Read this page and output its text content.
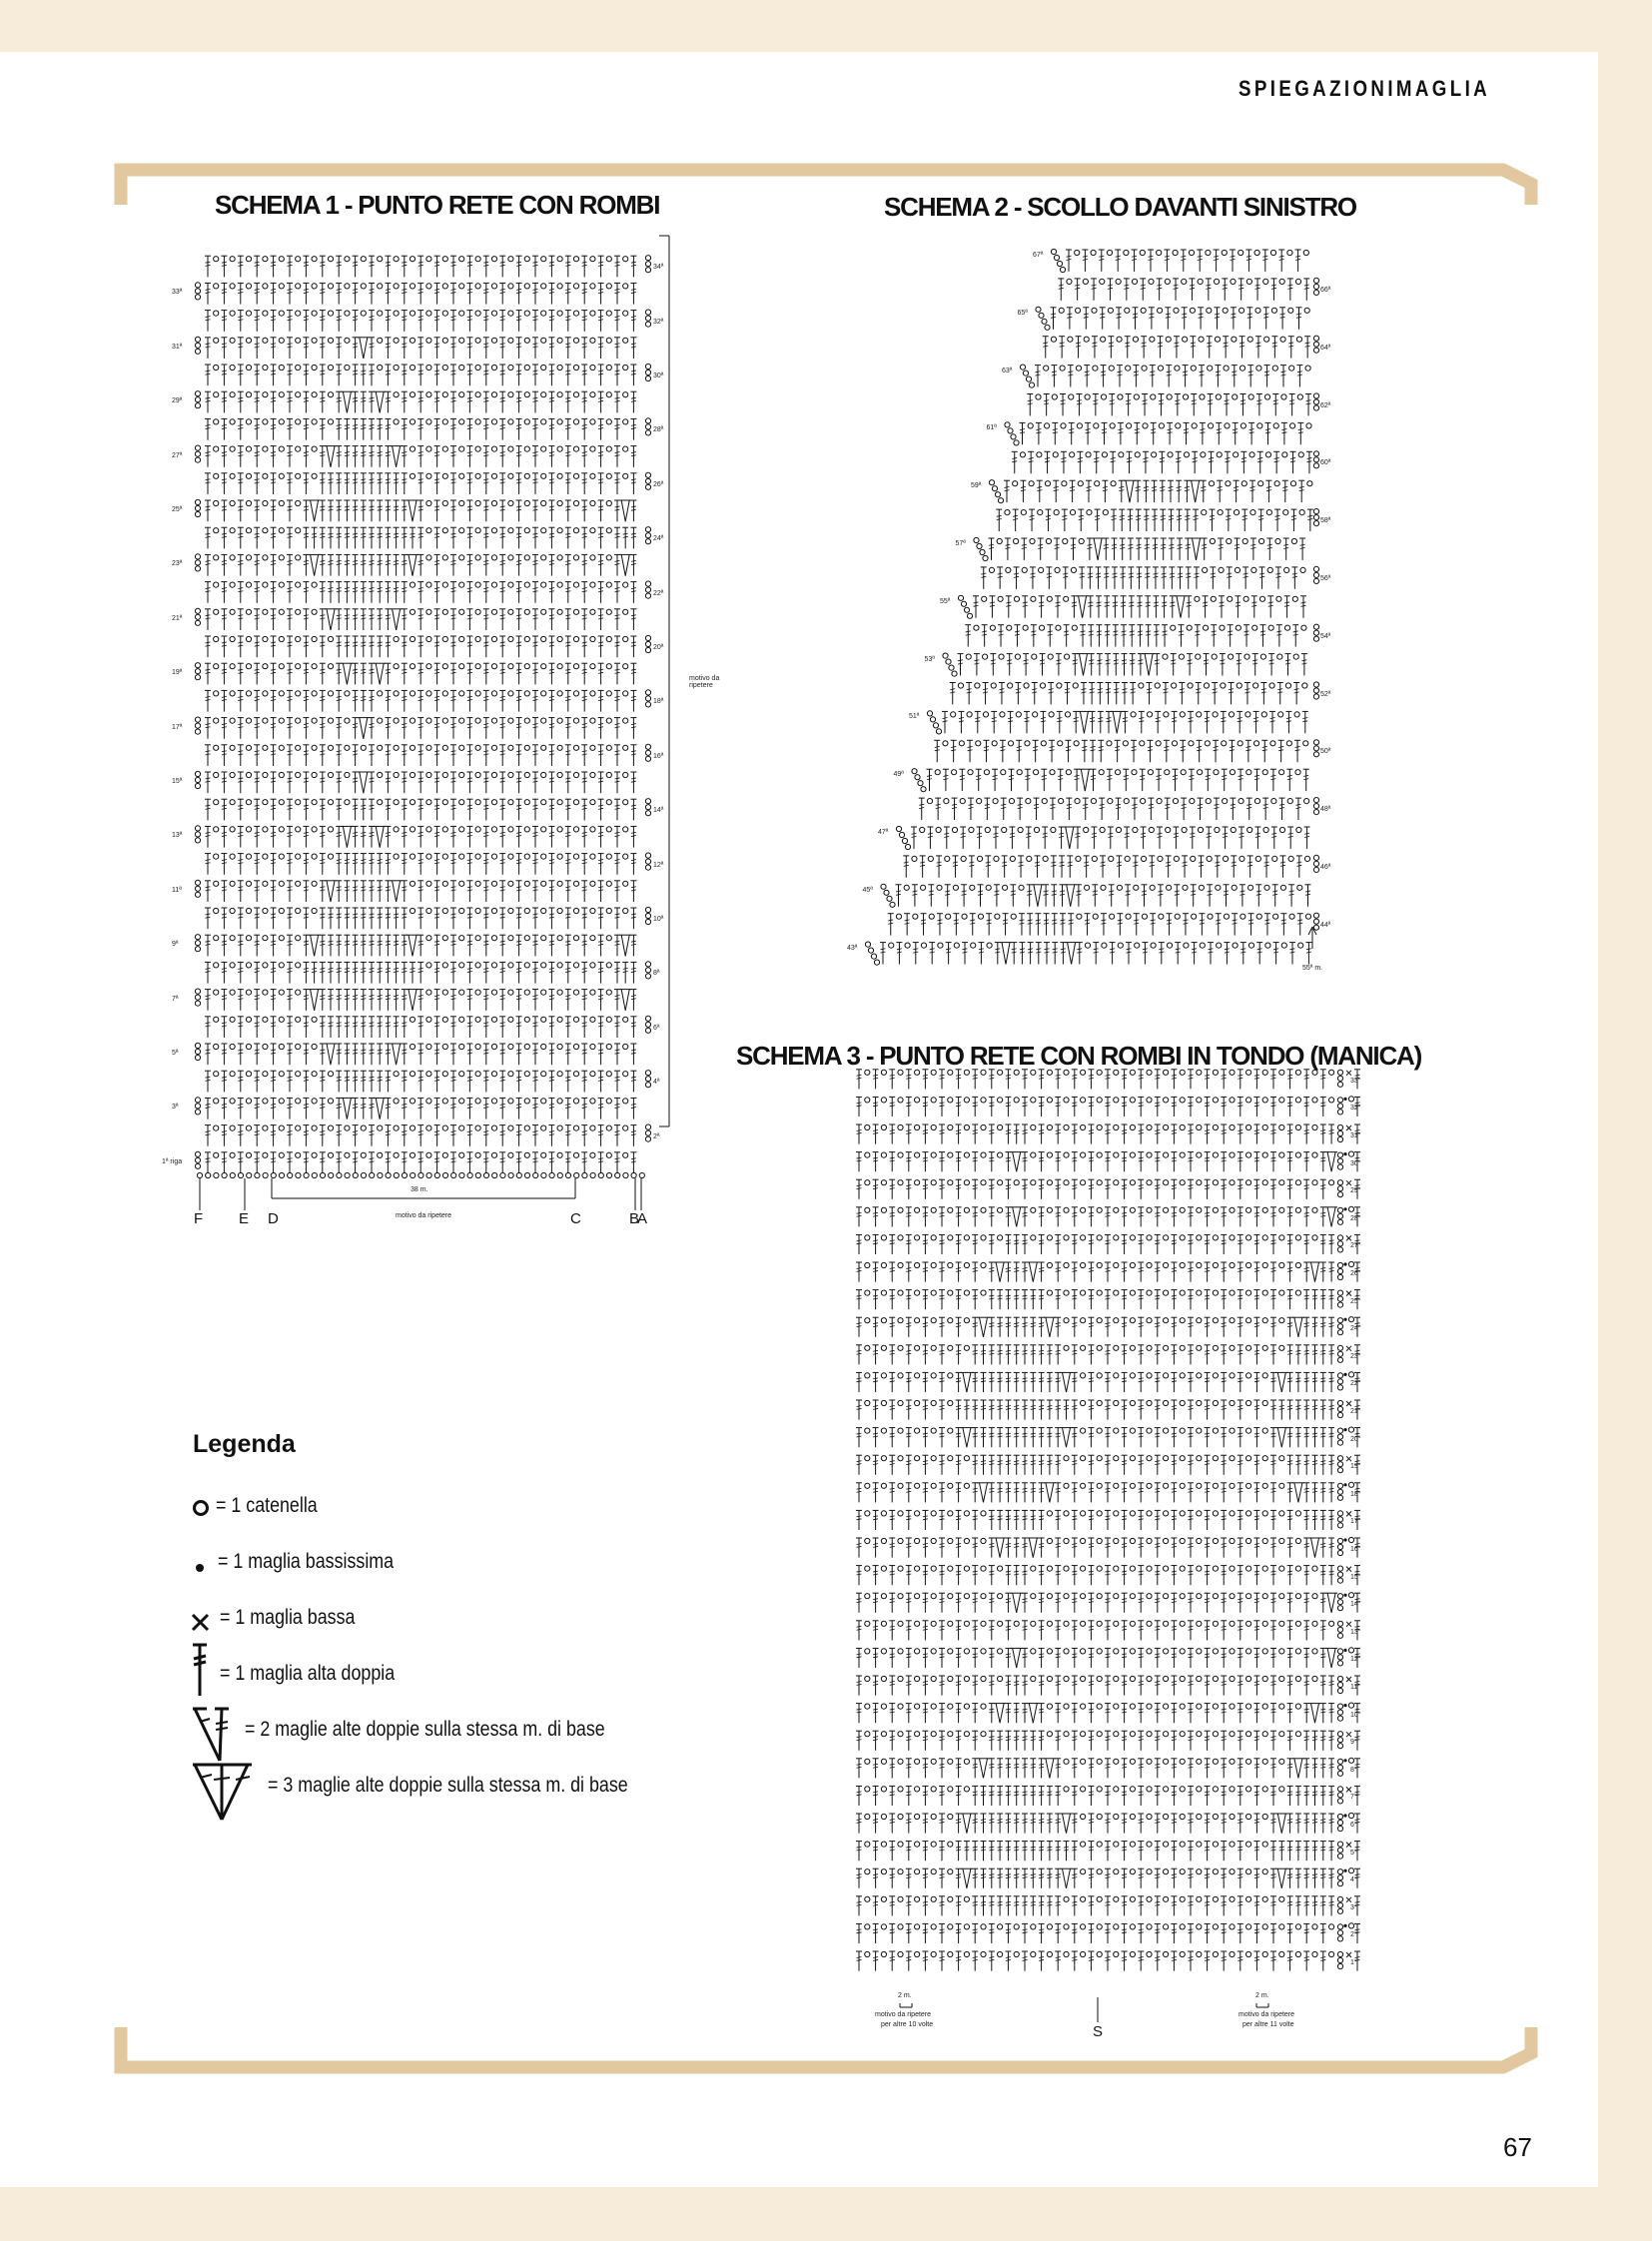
SPIEGAZIONIMAGLIA
SCHEMA 1 - PUNTO RETE CON ROMBI	SCHEMA 2 - SCOLLO DAVANTI SINISTRO
SCHEMA 3 - PUNTO RETE CON ROMBI IN TONDO (MANICA)
Legenda
67
33ª
31ª
29ª
27ª
25ª
23ª
21ª
19ª
17ª
15ª
13ª
11ª
9ª
7ª
5ª
3ª
1ª riga
34ª
32ª
30ª
28ª
26ª
24ª
22ª
20ª
18ª
16ª
14ª
12ª
10ª
8ª
6ª
4ª
2ª
motivo da ripetere
38 m.
motivo da ripetere
F E D	C	B
A
67ª
65ª
63ª
61ª
59ª
57ª
55ª
53ª
51ª
49ª
47ª
45ª
43ª
66ª
64ª
62ª
60ª
58ª
56ª
54ª
52ª
50ª
48ª
46ª
44ª
55ª m.
33°
32°
31°
30°
29°
28°
27°
26°
25°
24°
23°
22°
21°
20°
19°
18°
17°
16°
15°
14°
13°
12°
11°
10°
9°
8°
7°
6°
5°
4°
3°
2°
1°
2 m.
motivo da ripetere
per altre 10 volte
2 m.
motivo da ripetere
per altre 11 volte
S
= 1 catenella
= 1 maglia bassissima
= 1 maglia bassa
= 1 maglia alta doppia
= 2 maglie alte doppie sulla stessa m. di base
= 3 maglie alte doppie sulla stessa m. di base
